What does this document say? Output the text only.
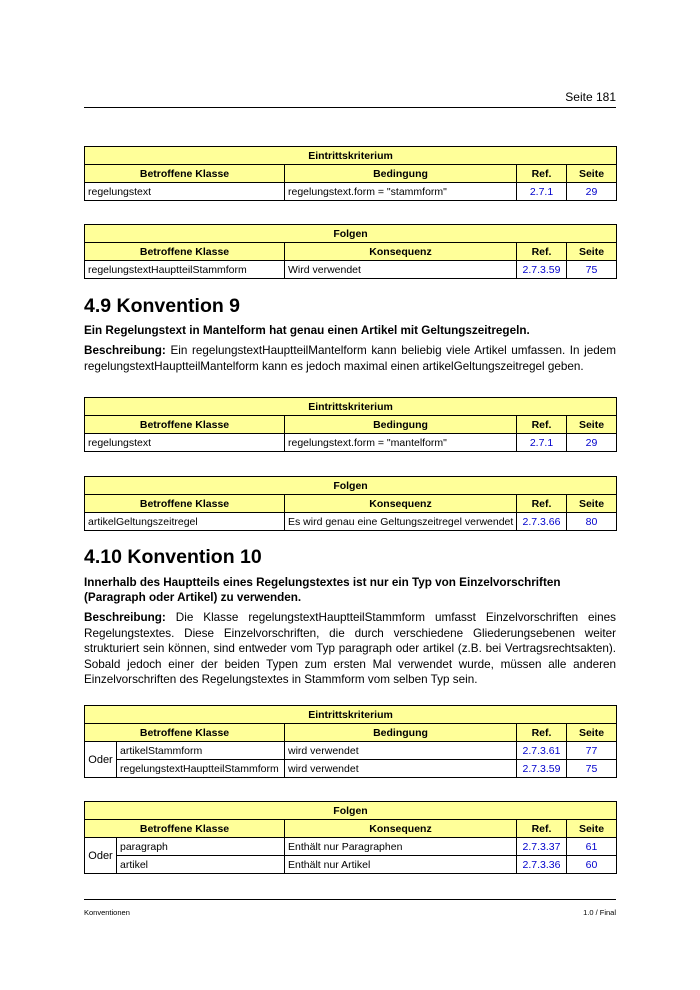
Seite 181
Eintrittskriterium			
Betroffene Klasse	Bedingung	Ref.	Seite
regelungstext	regelungstext.form = "stammform"	2.7.1	29
Folgen			
Betroffene Klasse	Konsequenz	Ref.	Seite
regelungstextHauptteilStammform	Wird verwendet	2.7.3.59	75
4.9 Konvention 9

Ein Regelungstext in Mantelform hat genau einen Artikel mit Geltungszeitregeln.

Beschreibung: Ein regelungstextHauptteilMantelform kann beliebig viele Artikel umfassen. In jedem regelungstextHauptteilMantelform kann es jedoch maximal einen artikelGeltungszeitregel geben.

Eintrittskriterium			
Betroffene Klasse	Bedingung	Ref.	Seite
regelungstext	regelungstext.form = "mantelform"	2.7.1	29
Folgen			
Betroffene Klasse	Konsequenz	Ref.	Seite
artikelGeltungszeitregel	Es wird genau eine Geltungszeitregel verwendet	2.7.3.66	80
4.10 Konvention 10

Innerhalb des Hauptteils eines Regelungstextes ist nur ein Typ von Einzelvorschriften (Paragraph oder Artikel) zu verwenden.

Beschreibung: Die Klasse regelungstextHauptteilStammform umfasst Einzelvorschriften eines Regelungstextes. Diese Einzelvorschriften, die durch verschiedene Gliederungsebenen weiter strukturiert sein können, sind entweder vom Typ paragraph oder artikel (z.B. bei Vertragsrechtsakten). Sobald jedoch einer der beiden Typen zum ersten Mal verwendet wurde, müssen alle anderen Einzelvorschriften des Regelungstextes in Stammform vom selben Typ sein.

Eintrittskriterium				
Betroffene Klasse		Bedingung	Ref.	Seite
Oder	artikelStammform	wird verwendet	2.7.3.61	77
	regelungstextHauptteilStammform	wird verwendet	2.7.3.59	75
Folgen				
Betroffene Klasse		Konsequenz	Ref.	Seite
Oder	paragraph	Enthält nur Paragraphen	2.7.3.37	61
	artikel	Enthält nur Artikel	2.7.3.36	60
Konventionen	1.0 / Final
